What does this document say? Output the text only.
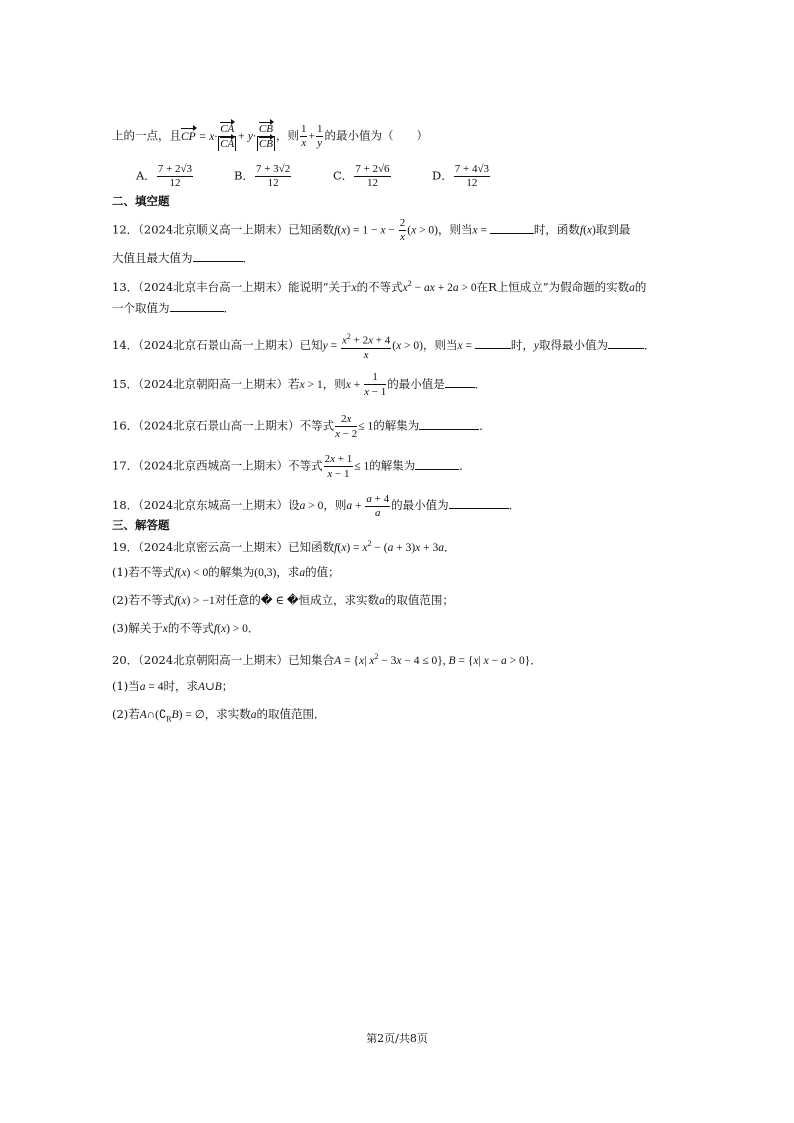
上的一点，且CP = $x\cdot \frac{CA}{CA} + y\cdot \frac{CB}{CB}$ ，则 $\frac{1}{x} + \frac{1}{y}$ 的最小值为（　　）
A． $\frac{7 + 2√3}{12}$	B． $\frac{7 + 3√2}{12}$	C． $\frac{7 + 2√6}{12}$	D． $\frac{7 + 4√3}{12}$
二、填空题
12．（2024北京顺义高一上期末）已知函数$f(x) = 1 - x - \frac{2}{x} (x > 0)$，则当x =	时，函数f(x)取到最
大值且最大值为	．
13．（2024北京丰台高一上期末）能说明“关于x的不等式$x^2$ − ax + 2a > 0在R上恒成立”为假命题的实数a的
一个取值为	．
14．（2024北京石景山高一上期末）已知$y = \frac{x^2 + 2x + 4}{x} (x > 0)$，则当x =	时，y取得最小值为	．
15．（2024北京朝阳高一上期末）若x > 1，则$x + \frac{1}{x - 1}$ 的最小值是	．
16．（2024北京石景山高一上期末）不等式 $\frac{2x}{x - 2} \le 1$的解集为	．
17．（2024北京西城高一上期末）不等式 $\frac{2x + 1}{x - 1} \le 1$的解集为	．
18．（2024北京东城高一上期末）设a > 0，则$a + \frac{a + 4}{a}$ 的最小值为	．
三、解答题
19．（2024北京密云高一上期末）已知函数$f(x) = x^2 - (a + 3)x + 3a$．
(1)若不等式f(x) < 0的解集为(0,3)，求a的值；
(2)若不等式f(x) > −1对任意的� ∈ �恒成立，求实数a的取值范围；
(3)解关于x的不等式f(x) > 0．
20．（2024北京朝阳高一上期末）已知集合A = {x| $x^2 - 3x - 4 \le 0$}, B = {x| x − a > 0}．
(1)当a = 4时，求A∪B；
(2)若$A\cap(∁_RB)$ = ∅，求实数a的取值范围．
第2页/共8页
